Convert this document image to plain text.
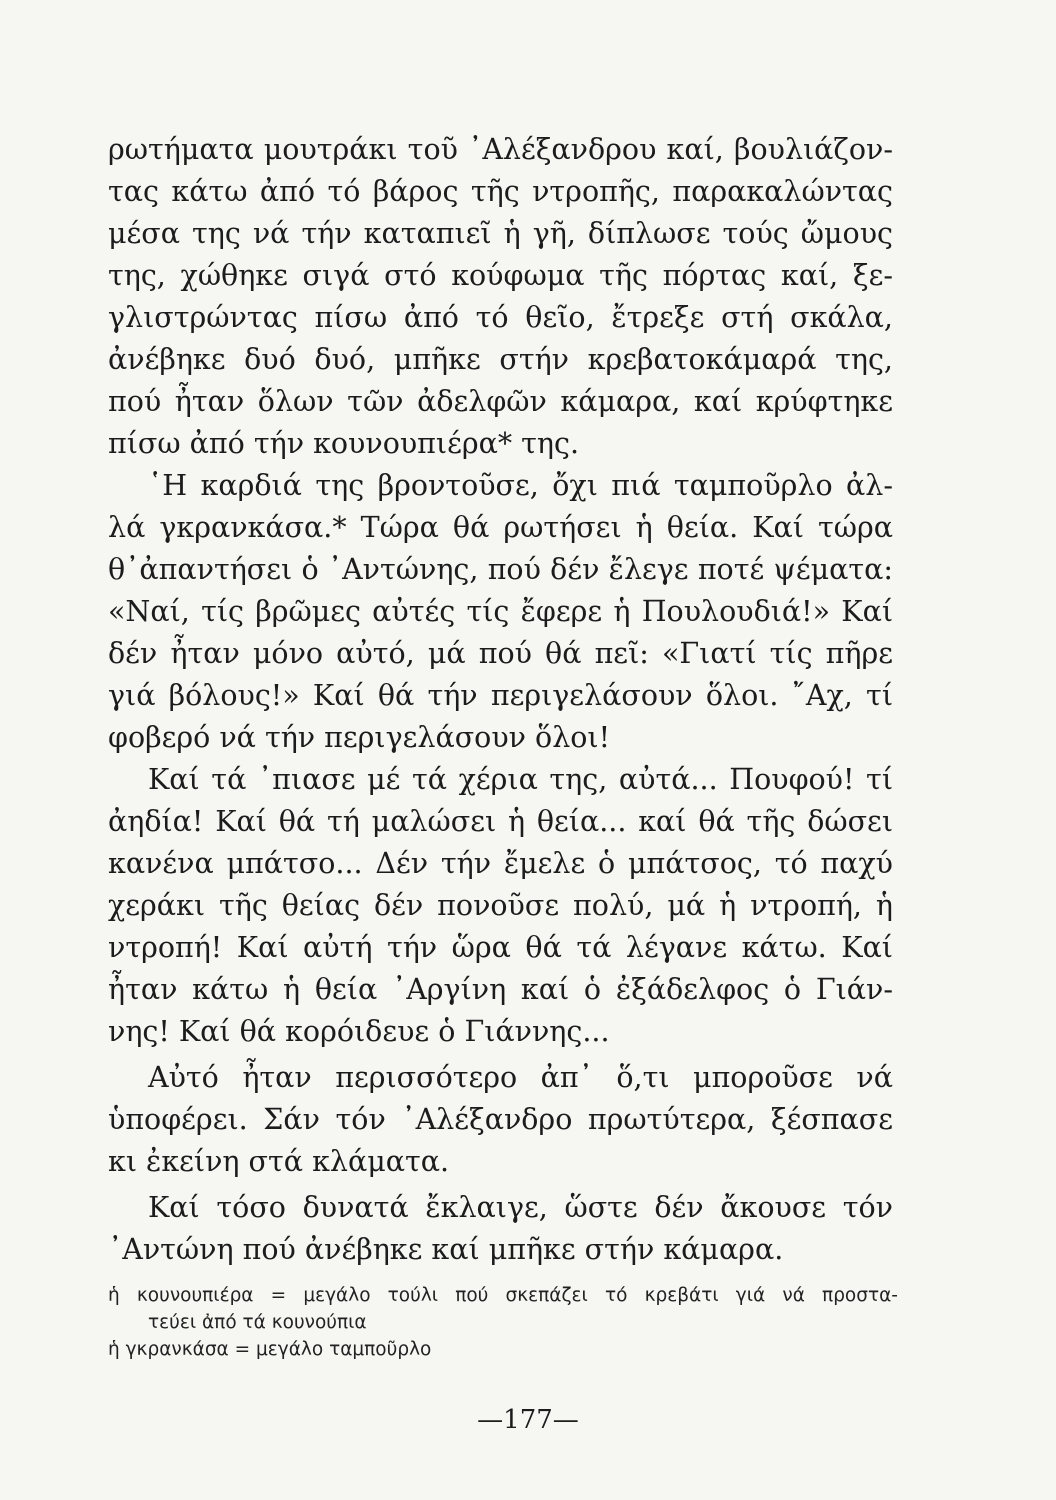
ρωτήματα μουτράκι τοῦ ᾿Αλέξανδρου καί, βουλιάζον-
τας κάτω ἀπό τό βάρος τῆς ντροπῆς, παρακαλώντας
μέσα της νά τήν καταπιεῖ ἡ γῆ, δίπλωσε τούς ὤμους
της, χώθηκε σιγά στό κούφωμα τῆς πόρτας καί, ξε-
γλιστρώντας πίσω ἀπό τό θεῖο, ἔτρεξε στή σκάλα,
ἀνέβηκε δυό δυό, μπῆκε στήν κρεβατοκάμαρά της,
πού ἦταν ὅλων τῶν ἀδελφῶν κάμαρα, καί κρύφτηκε
πίσω ἀπό τήν κουνουπιέρα* της.
῾Η καρδιά της βροντοῦσε, ὄχι πιά ταμποῦρλο ἀλ-
λά γκρανκάσα.* Τώρα θά ρωτήσει ἡ θεία. Καί τώρα
θ᾿ἀπαντήσει ὁ ᾿Αντώνης, πού δέν ἔλεγε ποτέ ψέματα:
«Ναί, τίς βρῶμες αὐτές τίς ἔφερε ἡ Πουλουδιά!» Καί
δέν ἦταν μόνο αὐτό, μά πού θά πεῖ: «Γιατί τίς πῆρε
γιά βόλους!» Καί θά τήν περιγελάσουν ὅλοι. ῎Αχ, τί
φοβερό νά τήν περιγελάσουν ὅλοι!
Καί τά ᾿πιασε μέ τά χέρια της, αὐτά... Πουφού! τί
ἀηδία! Καί θά τή μαλώσει ἡ θεία... καί θά τῆς δώσει
κανένα μπάτσο... Δέν τήν ἔμελε ὁ μπάτσος, τό παχύ
χεράκι τῆς θείας δέν πονοῦσε πολύ, μά ἡ ντροπή, ἡ
ντροπή! Καί αὐτή τήν ὥρα θά τά λέγανε κάτω. Καί
ἦταν κάτω ἡ θεία ᾿Αργίνη καί ὁ ἐξάδελφος ὁ Γιάν-
νης! Καί θά κορόιδευε ὁ Γιάννης...
Αὐτό ἦταν περισσότερο ἀπ᾿ ὅ,τι μποροῦσε νά
ὑποφέρει. Σάν τόν ᾿Αλέξανδρο πρωτύτερα, ξέσπασε
κι ἐκείνη στά κλάματα.
Καί τόσο δυνατά ἔκλαιγε, ὥστε δέν ἄκουσε τόν
᾿Αντώνη πού ἀνέβηκε καί μπῆκε στήν κάμαρα.
ἡ κουνουπιέρα = μεγάλο τούλι πού σκεπάζει τό κρεβάτι γιά νά προστα-
τεύει ἀπό τά κουνούπια
ἡ γκρανκάσα = μεγάλο ταμποῦρλο
—177—
